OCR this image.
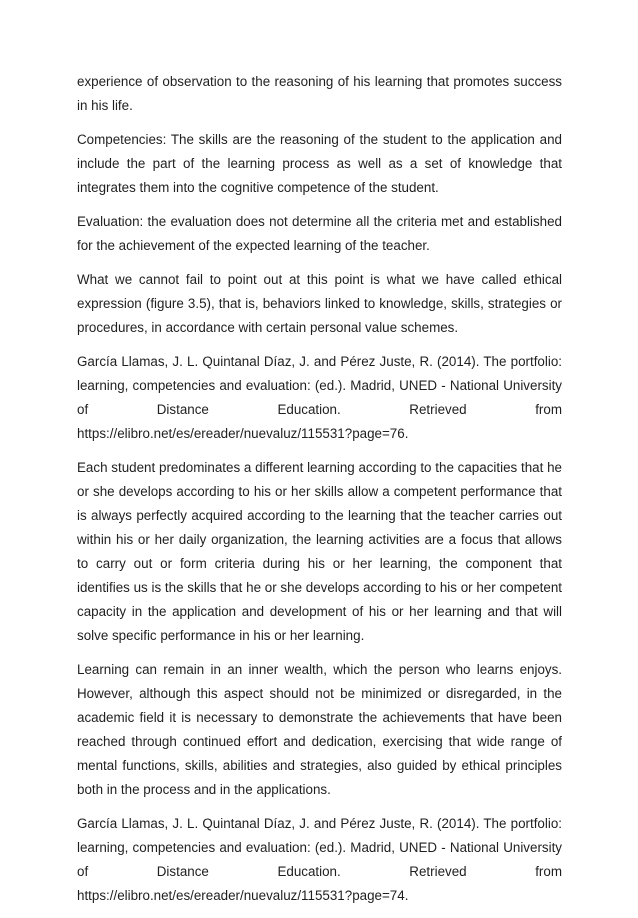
experience of observation to the reasoning of his learning that promotes success in his life.

Competencies: The skills are the reasoning of the student to the application and include the part of the learning process as well as a set of knowledge that integrates them into the cognitive competence of the student.

Evaluation: the evaluation does not determine all the criteria met and established for the achievement of the expected learning of the teacher.

What we cannot fail to point out at this point is what we have called ethical expression (figure 3.5), that is, behaviors linked to knowledge, skills, strategies or procedures, in accordance with certain personal value schemes.

García Llamas, J. L. Quintanal Díaz, J. and Pérez Juste, R. (2014). The portfolio: learning, competencies and evaluation: (ed.). Madrid, UNED - National University of Distance Education. Retrieved from https://elibro.net/es/ereader/nuevaluz/115531?page=76.

Each student predominates a different learning according to the capacities that he or she develops according to his or her skills allow a competent performance that is always perfectly acquired according to the learning that the teacher carries out within his or her daily organization, the learning activities are a focus that allows to carry out or form criteria during his or her learning, the component that identifies us is the skills that he or she develops according to his or her competent capacity in the application and development of his or her learning and that will solve specific performance in his or her learning.

Learning can remain in an inner wealth, which the person who learns enjoys. However, although this aspect should not be minimized or disregarded, in the academic field it is necessary to demonstrate the achievements that have been reached through continued effort and dedication, exercising that wide range of mental functions, skills, abilities and strategies, also guided by ethical principles both in the process and in the applications.

García Llamas, J. L. Quintanal Díaz, J. and Pérez Juste, R. (2014). The portfolio: learning, competencies and evaluation: (ed.). Madrid, UNED - National University of Distance Education. Retrieved from https://elibro.net/es/ereader/nuevaluz/115531?page=74.
